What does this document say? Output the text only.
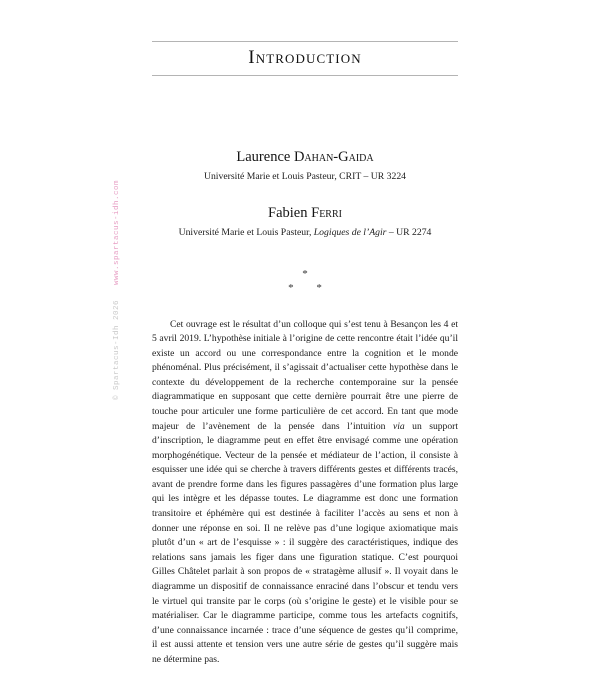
www.spartacus-idh.com
© Spartacus-Idh 2026
Introduction
Laurence Dahan-Gaida
Université Marie et Louis Pasteur, CRIT – UR 3224
Fabien Ferri
Université Marie et Louis Pasteur, Logiques de l’Agir – UR 2274
*
* *

Cet ouvrage est le résultat d’un colloque qui s’est tenu à Besançon les 4 et 5 avril 2019. L’hypothèse initiale à l’origine de cette rencontre était l’idée qu’il existe un accord ou une correspondance entre la cognition et le monde phénoménal. Plus précisément, il s’agissait d’actualiser cette hypothèse dans le contexte du développement de la recherche contemporaine sur la pensée diagrammatique en supposant que cette dernière pourrait être une pierre de touche pour articuler une forme particulière de cet accord. En tant que mode majeur de l’avènement de la pensée dans l’intuition via un support d’inscription, le diagramme peut en effet être envisagé comme une opération morphogénétique. Vecteur de la pensée et médiateur de l’action, il consiste à esquisser une idée qui se cherche à travers différents gestes et différents tracés, avant de prendre forme dans les figures passagères d’une formation plus large qui les intègre et les dépasse toutes. Le diagramme est donc une formation transitoire et éphémère qui est destinée à faciliter l’accès au sens et non à donner une réponse en soi. Il ne relève pas d’une logique axiomatique mais plutôt d’un « art de l’esquisse » : il suggère des caractéristiques, indique des relations sans jamais les figer dans une figuration statique. C’est pourquoi Gilles Châtelet parlait à son propos de « stratagème allusif ». Il voyait dans le diagramme un dispositif de connaissance enraciné dans l’obscur et tendu vers le virtuel qui transite par le corps (où s’origine le geste) et le visible pour se matérialiser. Car le diagramme participe, comme tous les artefacts cognitifs, d’une connaissance incarnée : trace d’une séquence de gestes qu’il comprime, il est aussi attente et tension vers une autre série de gestes qu’il suggère mais ne détermine pas.
